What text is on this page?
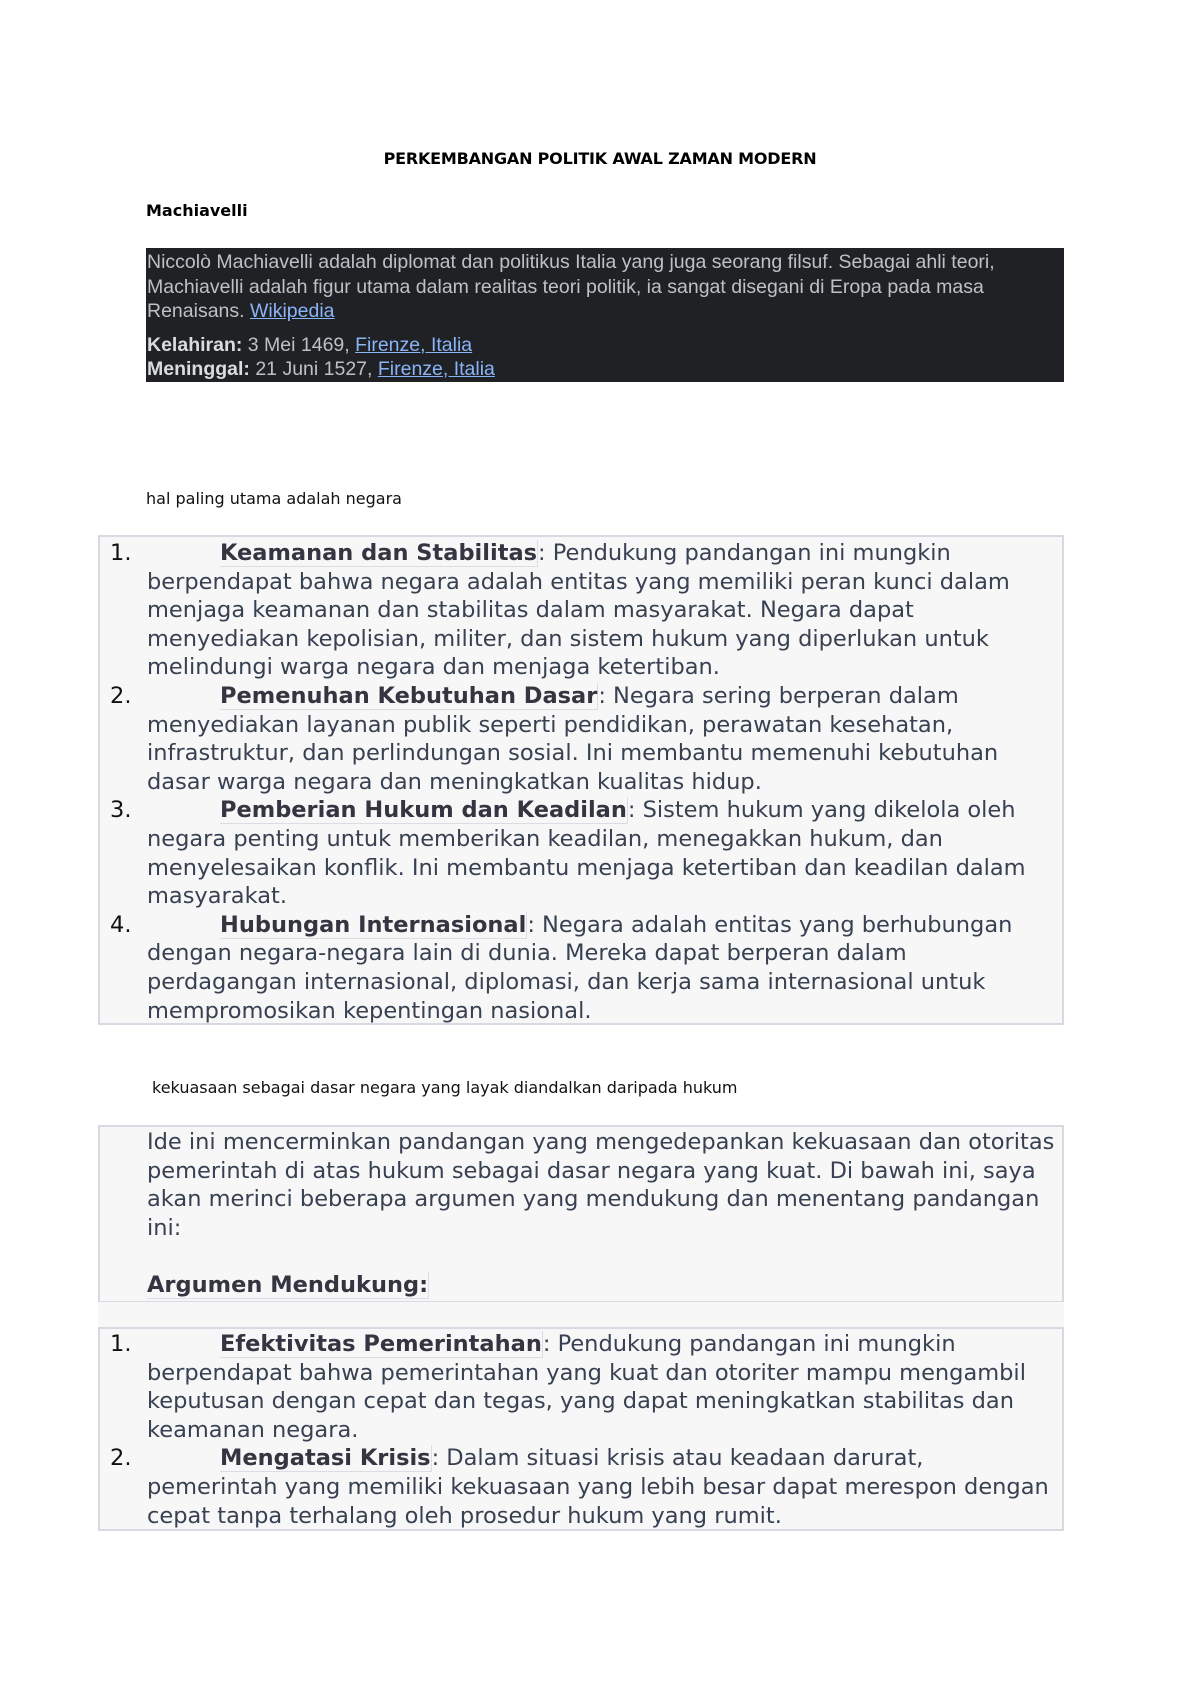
PERKEMBANGAN POLITIK AWAL ZAMAN MODERN
Machiavelli
Niccolò Machiavelli adalah diplomat dan politikus Italia yang juga seorang filsuf. Sebagai ahli teori, Machiavelli adalah figur utama dalam realitas teori politik, ia sangat disegani di Eropa pada masa Renaisans. Wikipedia
Kelahiran: 3 Mei 1469, Firenze, Italia
Meninggal: 21 Juni 1527, Firenze, Italia
hal paling utama adalah negara
1.	Keamanan dan Stabilitas: Pendukung pandangan ini mungkin berpendapat bahwa negara adalah entitas yang memiliki peran kunci dalam menjaga keamanan dan stabilitas dalam masyarakat. Negara dapat menyediakan kepolisian, militer, dan sistem hukum yang diperlukan untuk melindungi warga negara dan menjaga ketertiban.
2.	Pemenuhan Kebutuhan Dasar: Negara sering berperan dalam menyediakan layanan publik seperti pendidikan, perawatan kesehatan, infrastruktur, dan perlindungan sosial. Ini membantu memenuhi kebutuhan dasar warga negara dan meningkatkan kualitas hidup.
3.	Pemberian Hukum dan Keadilan: Sistem hukum yang dikelola oleh negara penting untuk memberikan keadilan, menegakkan hukum, dan menyelesaikan konflik. Ini membantu menjaga ketertiban dan keadilan dalam masyarakat.
4.	Hubungan Internasional: Negara adalah entitas yang berhubungan dengan negara-negara lain di dunia. Mereka dapat berperan dalam perdagangan internasional, diplomasi, dan kerja sama internasional untuk mempromosikan kepentingan nasional.
kekuasaan sebagai dasar negara yang layak diandalkan daripada hukum
Ide ini mencerminkan pandangan yang mengedepankan kekuasaan dan otoritas pemerintah di atas hukum sebagai dasar negara yang kuat. Di bawah ini, saya akan merinci beberapa argumen yang mendukung dan menentang pandangan ini:
Argumen Mendukung:
1.	Efektivitas Pemerintahan: Pendukung pandangan ini mungkin berpendapat bahwa pemerintahan yang kuat dan otoriter mampu mengambil keputusan dengan cepat dan tegas, yang dapat meningkatkan stabilitas dan keamanan negara.
2.	Mengatasi Krisis: Dalam situasi krisis atau keadaan darurat, pemerintah yang memiliki kekuasaan yang lebih besar dapat merespon dengan cepat tanpa terhalang oleh prosedur hukum yang rumit.
